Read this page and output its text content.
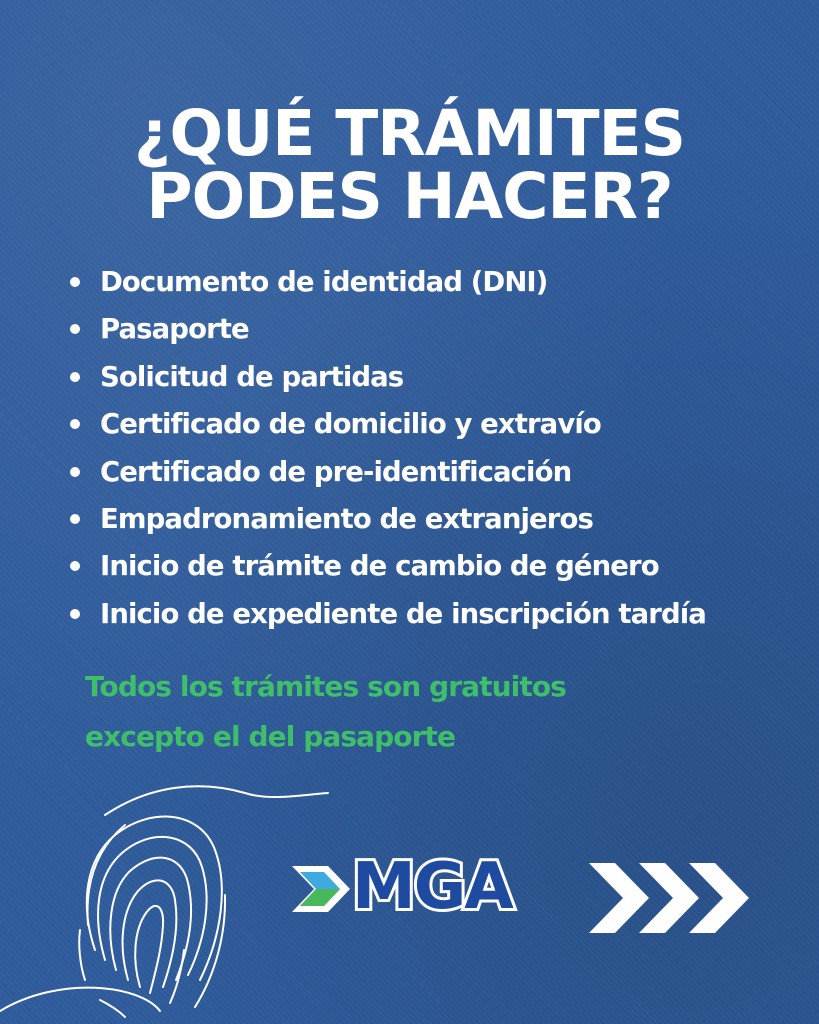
¿QUÉ TRÁMITES
PODES HACER?
Documento de identidad (DNI)
Pasaporte
Solicitud de partidas
Certificado de domicilio y extravío
Certificado de pre-identificación
Empadronamiento de extranjeros
Inicio de trámite de cambio de género
Inicio de expediente de inscripción tardía
Todos los trámites son gratuitos
excepto el del pasaporte
MGA
